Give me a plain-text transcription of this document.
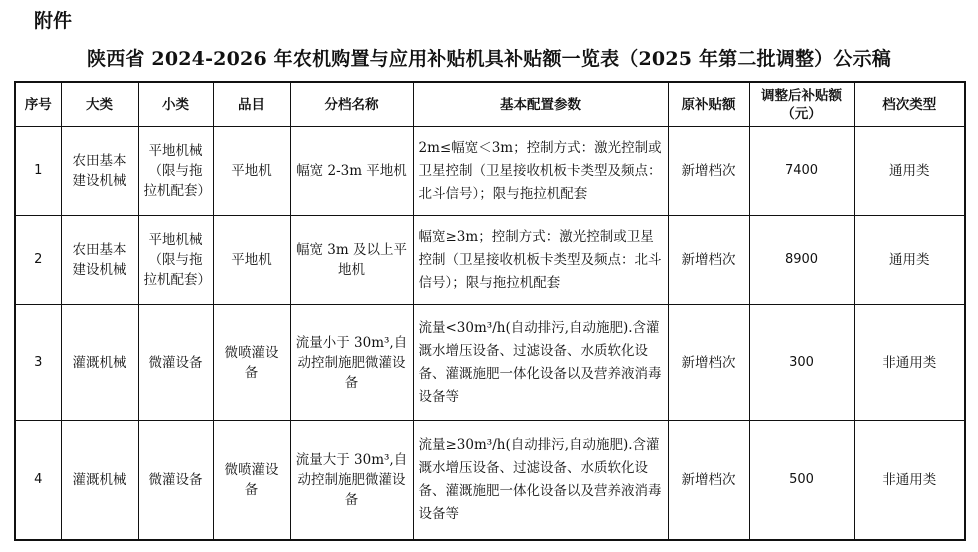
附件
陕西省 2024-2026 年农机购置与应用补贴机具补贴额一览表（2025 年第二批调整）公示稿
序号	大类	小类	品目	分档名称	基本配置参数	原补贴额	调整后补贴额（元）	档次类型
1	农田基本建设机械	平地机械（限与拖拉机配套）	平地机	幅宽 2-3m 平地机	2m≤幅宽＜3m；控制方式：激光控制或卫星控制（卫星接收机板卡类型及频点：北斗信号）；限与拖拉机配套	新增档次	7400	通用类
2	农田基本建设机械	平地机械（限与拖拉机配套）	平地机	幅宽 3m 及以上平地机	幅宽≥3m；控制方式：激光控制或卫星控制（卫星接收机板卡类型及频点：北斗信号）；限与拖拉机配套	新增档次	8900	通用类
3	灌溉机械	微灌设备	微喷灌设备	流量小于 30m³,自动控制施肥微灌设备	流量<30m³/h(自动排污,自动施肥).含灌溉水增压设备、过滤设备、水质软化设备、灌溉施肥一体化设备以及营养液消毒设备等	新增档次	300	非通用类
4	灌溉机械	微灌设备	微喷灌设备	流量大于 30m³,自动控制施肥微灌设备	流量≥30m³/h(自动排污,自动施肥).含灌溉水增压设备、过滤设备、水质软化设备、灌溉施肥一体化设备以及营养液消毒设备等	新增档次	500	非通用类
